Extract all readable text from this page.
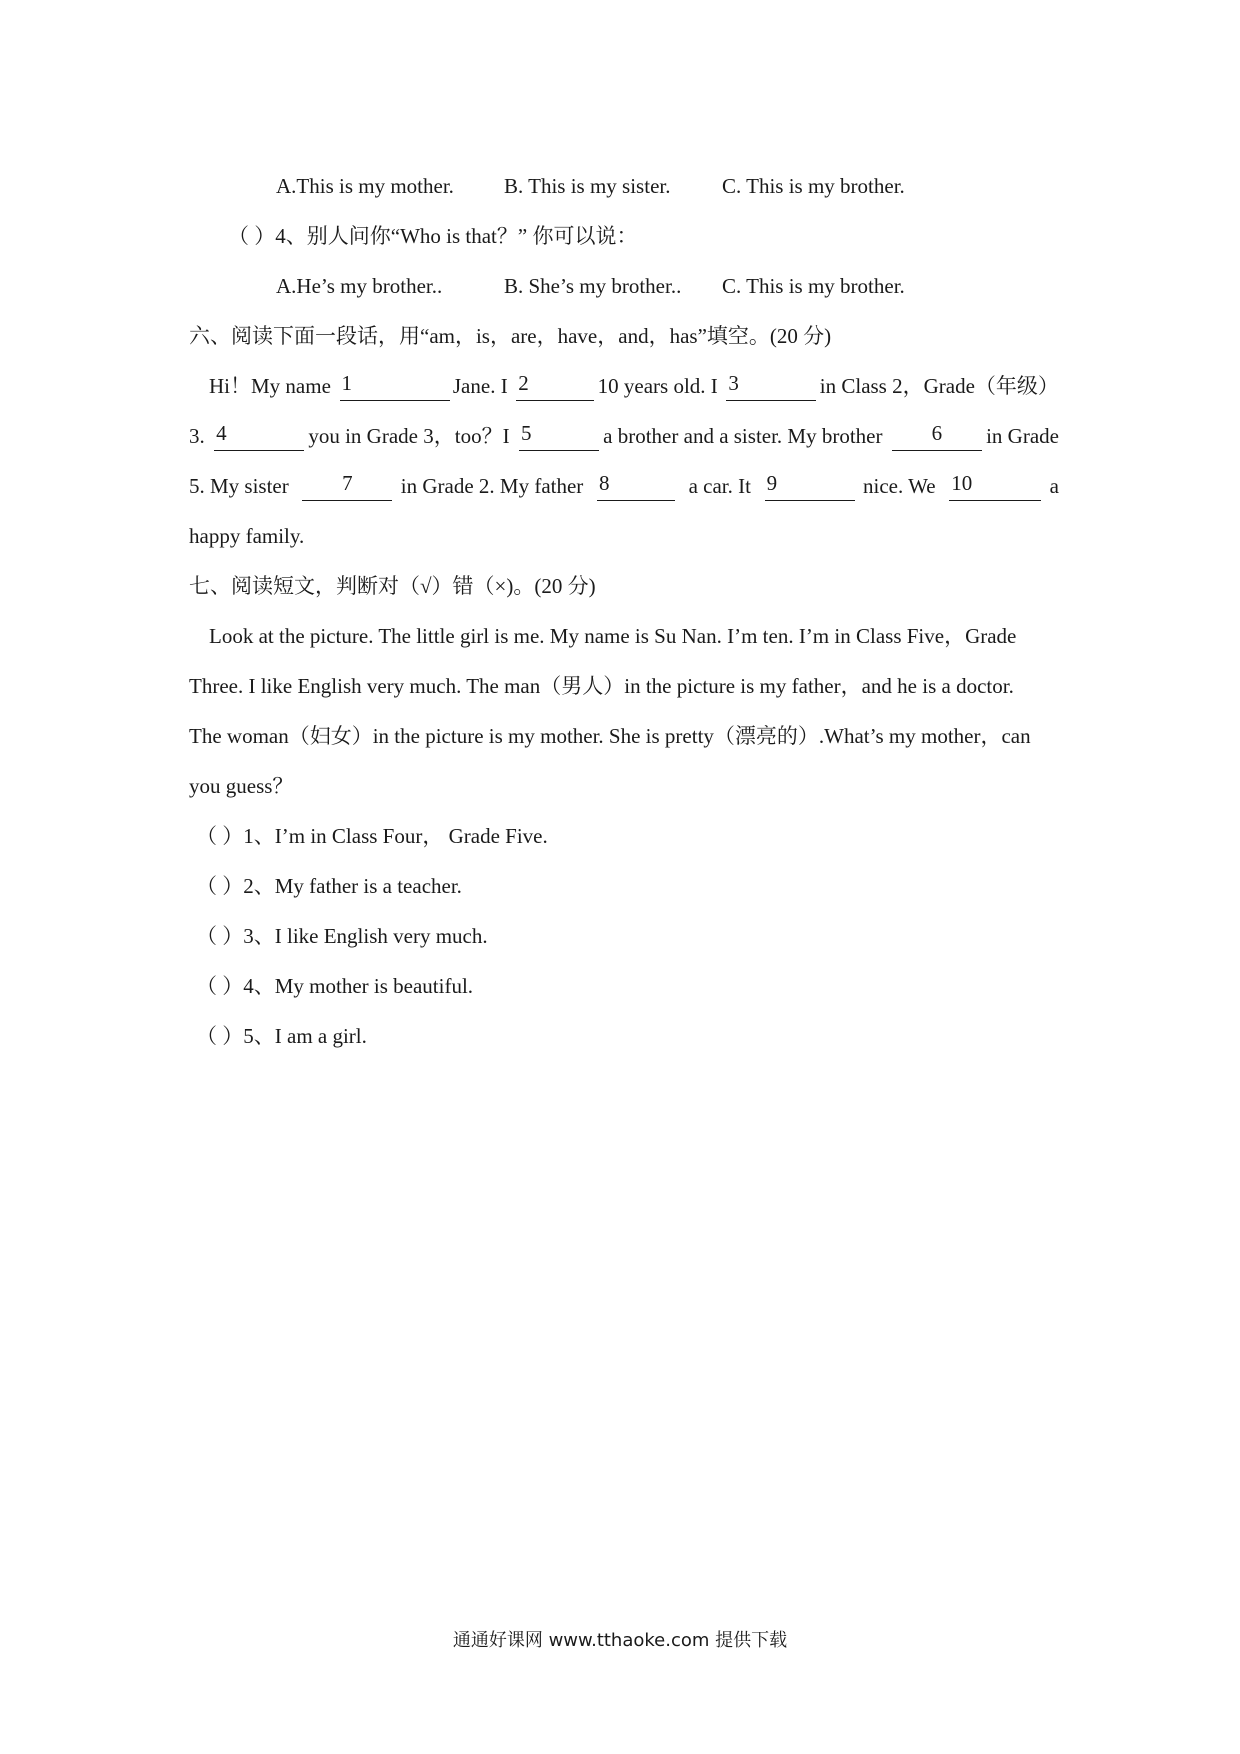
A.This is my mother. B. This is my sister. C. This is my brother.
（ ）4、别人问你“Who is that？” 你可以说：
A.He’s my brother..	B. She’s my brother.. C. This is my brother.
六、阅读下面一段话，用“am，is，are，have，and，has”填空。(20 分)
Hi！My name 1	Jane. I 2	10 years old. I 3	in Class 2，Grade（年级）
3. 4	you in Grade 3，too？I 5	a brother and a sister. My brother	6	in Grade
5. My sister	7	in Grade 2. My father 8	a car. It 9	nice. We 10	a
happy family.
七、阅读短文，判断对（√）错（×)。(20 分)
Look at the picture. The little girl is me. My name is Su Nan. I’m ten. I’m in Class Five，Grade
Three. I like English very much. The man（男人）in the picture is my father，and he is a doctor.
The woman（妇女）in the picture is my mother. She is pretty（漂亮的）.What’s my mother，can
you guess？
（ ）1、I’m in Class Four， Grade Five.
（ ）2、My father is a teacher.
（ ）3、I like English very much.
（ ）4、My mother is beautiful.
（ ）5、I am a girl.
通通好课网 www.tthaoke.com 提供下载
